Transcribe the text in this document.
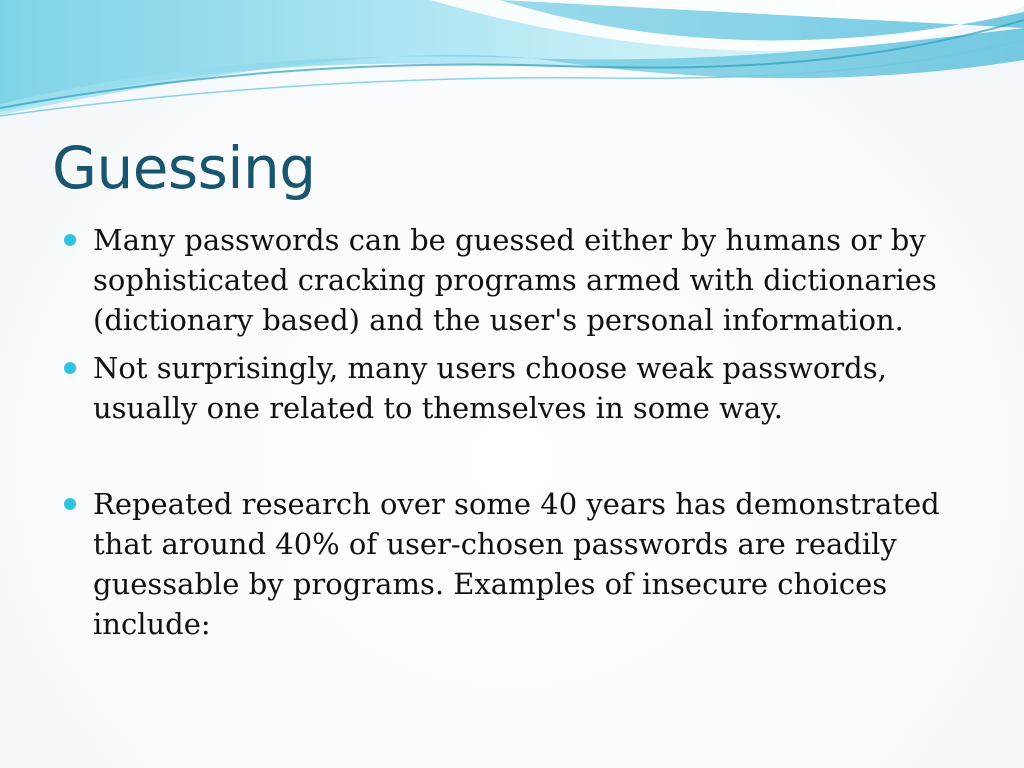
Guessing
Many passwords can be guessed either by humans or by sophisticated cracking programs armed with dictionaries (dictionary based) and the user's personal information.
Not surprisingly, many users choose weak passwords, usually one related to themselves in some way.
Repeated research over some 40 years has demonstrated that around 40% of user-chosen passwords are readily guessable by programs. Examples of insecure choices include:
